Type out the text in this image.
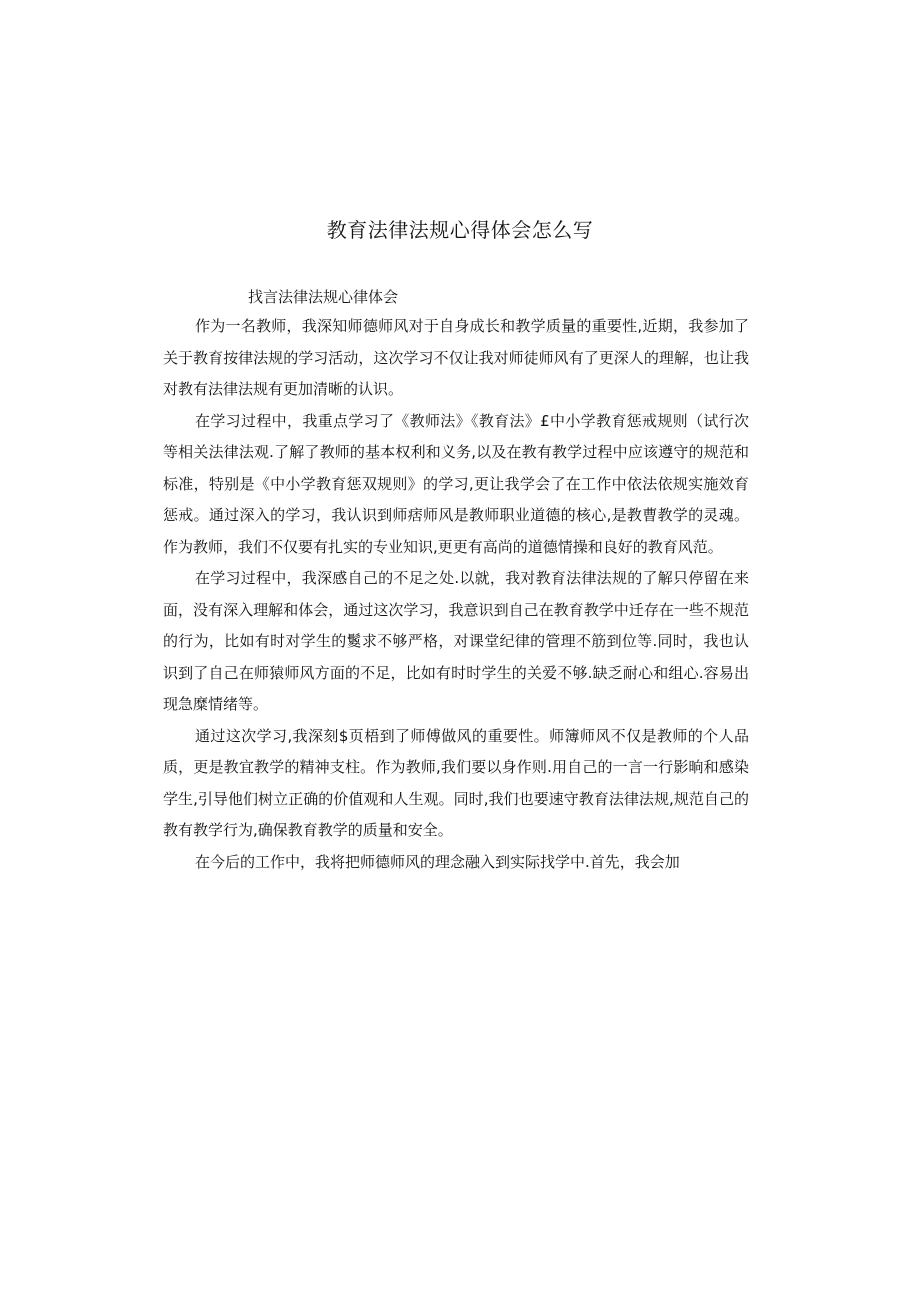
教育法律法规心得体会怎么写
找言法律法规心律体会

作为一名教师，我深知师德师风对于自身成长和教学质量的重要性,近期，我参加了关于教育按律法规的学习活动，这次学习不仅让我对师徒师风有了更深人的理解，也让我对教有法律法规有更加清晰的认识。

在学习过程中，我重点学习了《教师法》《教育法》£中小学教育惩戒规则（试行次等相关法律法观.了解了教师的基本权利和义务,以及在教有教学过程中应该遵守的规范和标准，特别是《中小学教育惩双规则》的学习,更让我学会了在工作中依法依规实施效育惩戒。通过深入的学习，我认识到师痞师风是教师职业道德的核心,是教曹教学的灵魂。作为教师，我们不仅要有扎实的专业知识,更更有高尚的道德情操和良好的教育风范。

在学习过程中，我深感自己的不足之处.以就，我对教育法律法规的了解只停留在来面，没有深入理解和体会，通过这次学习，我意识到自己在教育教学中迁存在一些不规范的行为，比如有时对学生的鬉求不够严格，对课堂纪律的管理不筋到位等.同时，我也认识到了自己在师猿师风方面的不足，比如有时时学生的关爱不够.缺乏耐心和组心.容易出现急糜情绪等。

通过这次学习,我深刻$页梧到了师傅做风的重要性。师簿师风不仅是教师的个人品质，更是教宜教学的精神支柱。作为教师,我们要以身作则.用自己的一言一行影晌和感染学生,引导他们树立正确的价值观和人生观。同时,我们也要速守教育法律法规,规范自己的教有教学行为,确保教育教学的质量和安全。

在今后的工作中，我将把师德师风的理念融入到实际找学中.首先，我会加
